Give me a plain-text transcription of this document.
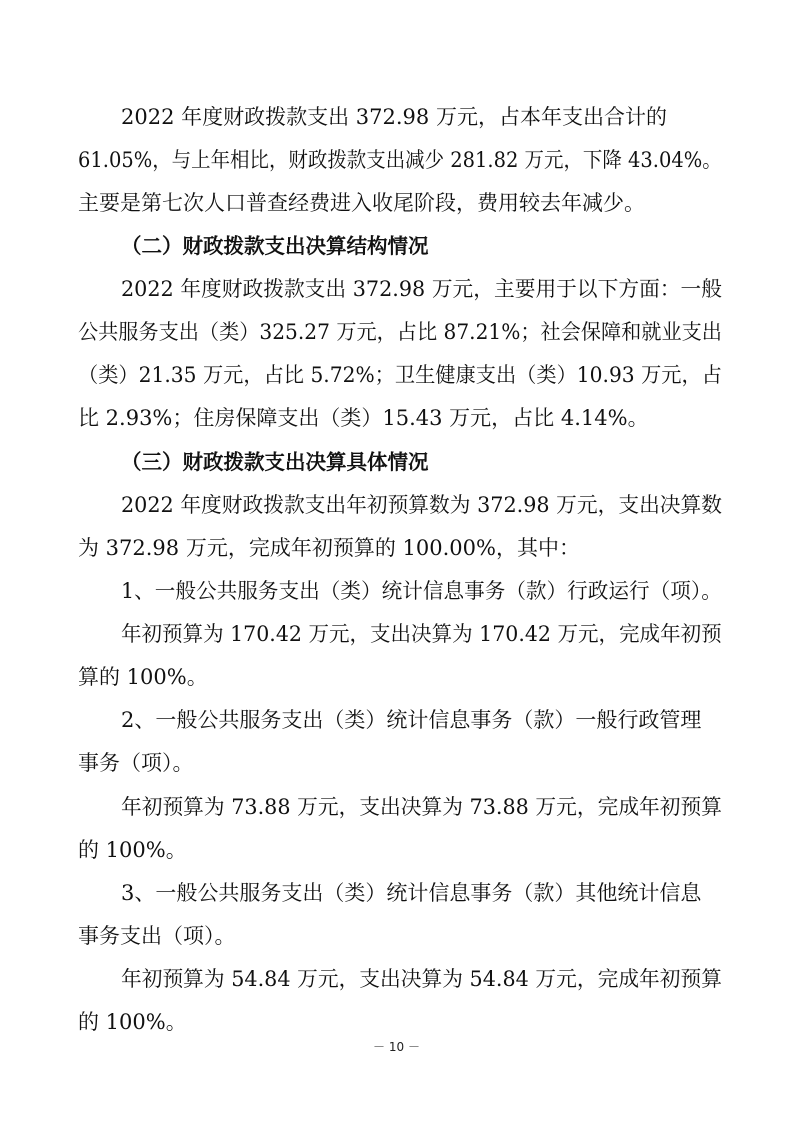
2022 年度财政拨款支出 372.98 万元，占本年支出合计的
61.05%，与上年相比，财政拨款支出减少 281.82 万元，下降 43.04%。
主要是第七次人口普查经费进入收尾阶段，费用较去年减少。
（二）财政拨款支出决算结构情况
2022 年度财政拨款支出 372.98 万元，主要用于以下方面：一般
公共服务支出（类）325.27 万元，占比 87.21%；社会保障和就业支出
（类）21.35 万元，占比 5.72%；卫生健康支出（类）10.93 万元，占
比 2.93%；住房保障支出（类）15.43 万元，占比 4.14%。
（三）财政拨款支出决算具体情况
2022 年度财政拨款支出年初预算数为 372.98 万元，支出决算数
为 372.98 万元，完成年初预算的 100.00%，其中：
1、一般公共服务支出（类）统计信息事务（款）行政运行（项）。
年初预算为 170.42 万元，支出决算为 170.42 万元，完成年初预
算的 100%。
2、一般公共服务支出（类）统计信息事务（款）一般行政管理
事务（项）。
年初预算为 73.88 万元，支出决算为 73.88 万元，完成年初预算
的 100%。
3、一般公共服务支出（类）统计信息事务（款）其他统计信息
事务支出（项）。
年初预算为 54.84 万元，支出决算为 54.84 万元，完成年初预算
的 100%。
－ 10 －
